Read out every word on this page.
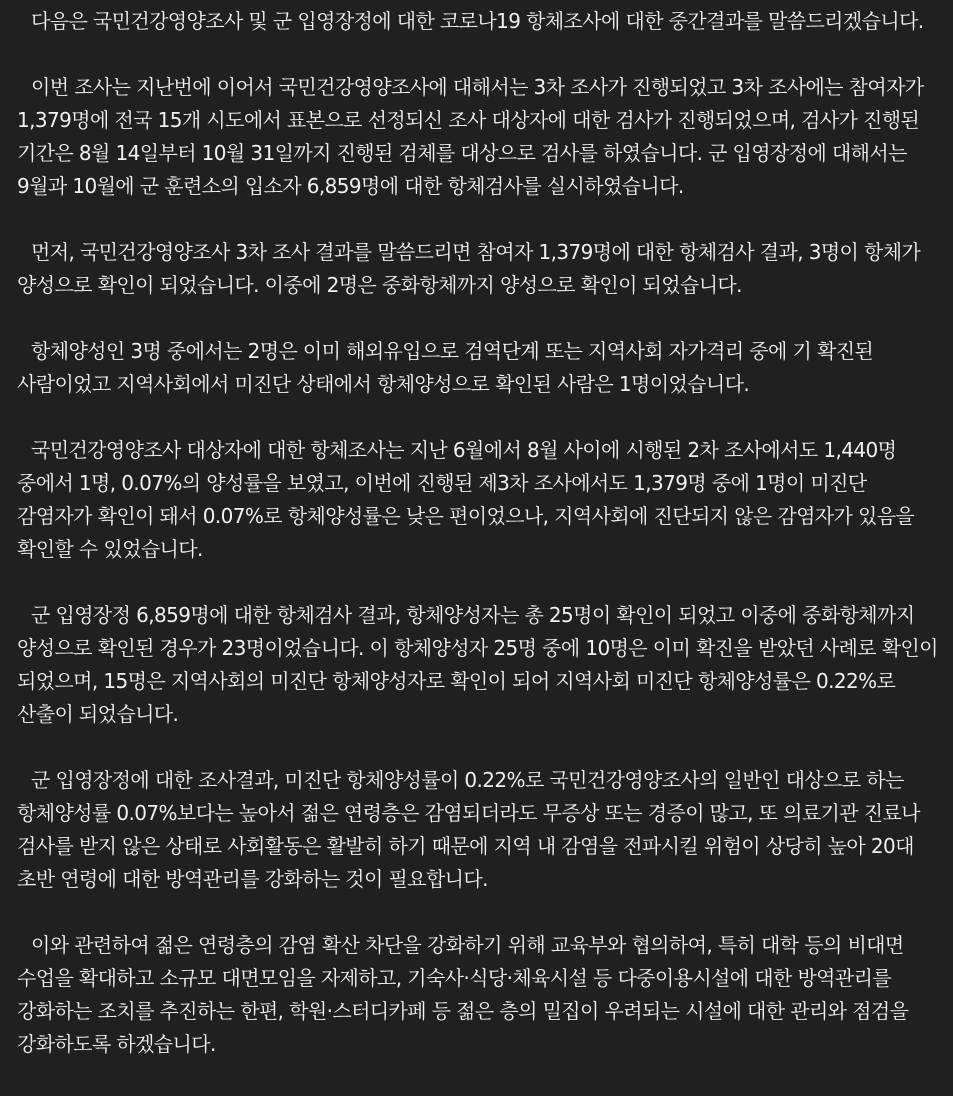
다음은 국민건강영양조사 및 군 입영장정에 대한 코로나19 항체조사에 대한 중간결과를 말씀드리겠습니다.

이번 조사는 지난번에 이어서 국민건강영양조사에 대해서는 3차 조사가 진행되었고 3차 조사에는 참여자가 1,379명에 전국 15개 시도에서 표본으로 선정되신 조사 대상자에 대한 검사가 진행되었으며, 검사가 진행된 기간은 8월 14일부터 10월 31일까지 진행된 검체를 대상으로 검사를 하였습니다. 군 입영장정에 대해서는 9월과 10월에 군 훈련소의 입소자 6,859명에 대한 항체검사를 실시하였습니다.

먼저, 국민건강영양조사 3차 조사 결과를 말씀드리면 참여자 1,379명에 대한 항체검사 결과, 3명이 항체가 양성으로 확인이 되었습니다. 이중에 2명은 중화항체까지 양성으로 확인이 되었습니다.

항체양성인 3명 중에서는 2명은 이미 해외유입으로 검역단계 또는 지역사회 자가격리 중에 기 확진된 사람이었고 지역사회에서 미진단 상태에서 항체양성으로 확인된 사람은 1명이었습니다.

국민건강영양조사 대상자에 대한 항체조사는 지난 6월에서 8월 사이에 시행된 2차 조사에서도 1,440명 중에서 1명, 0.07%의 양성률을 보였고, 이번에 진행된 제3차 조사에서도 1,379명 중에 1명이 미진단 감염자가 확인이 돼서 0.07%로 항체양성률은 낮은 편이었으나, 지역사회에 진단되지 않은 감염자가 있음을 확인할 수 있었습니다.

군 입영장정 6,859명에 대한 항체검사 결과, 항체양성자는 총 25명이 확인이 되었고 이중에 중화항체까지 양성으로 확인된 경우가 23명이었습니다. 이 항체양성자 25명 중에 10명은 이미 확진을 받았던 사례로 확인이 되었으며, 15명은 지역사회의 미진단 항체양성자로 확인이 되어 지역사회 미진단 항체양성률은 0.22%로 산출이 되었습니다.

군 입영장정에 대한 조사결과, 미진단 항체양성률이 0.22%로 국민건강영양조사의 일반인 대상으로 하는 항체양성률 0.07%보다는 높아서 젊은 연령층은 감염되더라도 무증상 또는 경증이 많고, 또 의료기관 진료나 검사를 받지 않은 상태로 사회활동은 활발히 하기 때문에 지역 내 감염을 전파시킬 위험이 상당히 높아 20대 초반 연령에 대한 방역관리를 강화하는 것이 필요합니다.

이와 관련하여 젊은 연령층의 감염 확산 차단을 강화하기 위해 교육부와 협의하여, 특히 대학 등의 비대면 수업을 확대하고 소규모 대면모임을 자제하고, 기숙사·식당·체육시설 등 다중이용시설에 대한 방역관리를 강화하는 조치를 추진하는 한편, 학원·스터디카페 등 젊은 층의 밀집이 우려되는 시설에 대한 관리와 점검을 강화하도록 하겠습니다.
